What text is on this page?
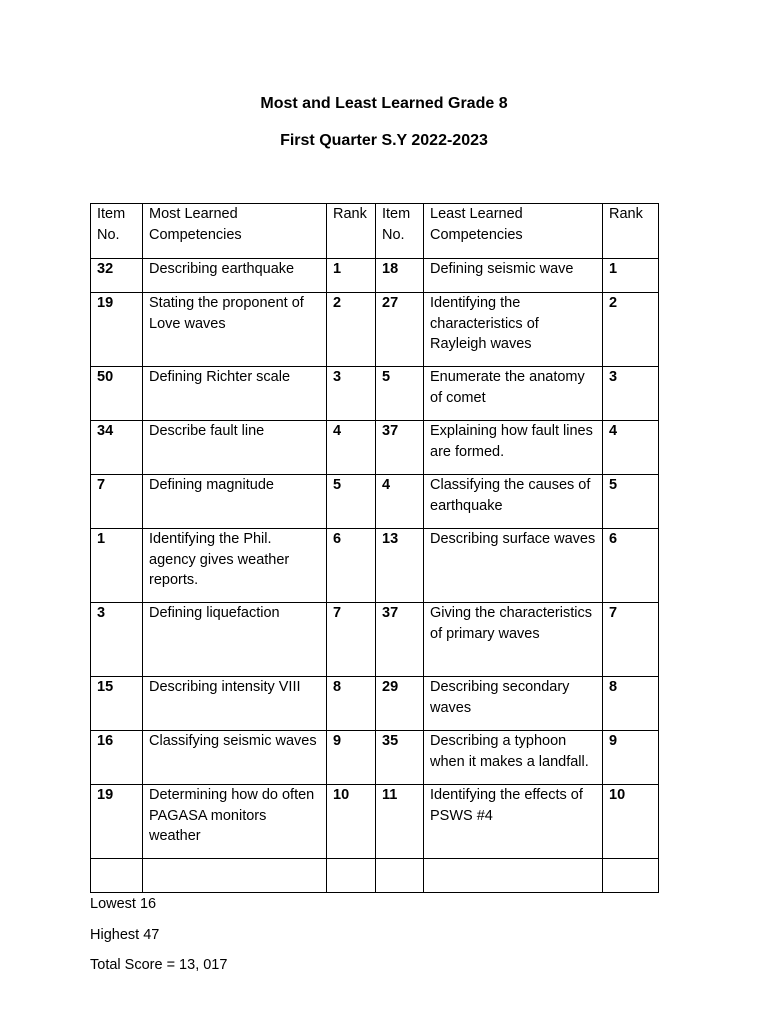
Most and Least Learned Grade 8
First Quarter S.Y 2022-2023
Item No.	Most Learned Competencies	Rank	Item No.	Least Learned Competencies	Rank
32	Describing earthquake	1	18	Defining seismic wave	1
19	Stating the proponent of Love waves	2	27	Identifying the characteristics of Rayleigh waves	2
50	Defining Richter scale	3	5	Enumerate the anatomy of comet	3
34	Describe fault line	4	37	Explaining how fault lines are formed.	4
7	Defining magnitude	5	4	Classifying the causes of earthquake	5
1	Identifying the Phil. agency gives weather reports.	6	13	Describing surface waves	6
3	Defining liquefaction	7	37	Giving the characteristics of primary waves	7
15	Describing intensity VIII	8	29	Describing secondary waves	8
16	Classifying seismic waves	9	35	Describing a typhoon when it makes a landfall.	9
19	Determining how do often PAGASA monitors weather	10	11	Identifying the effects of PSWS #4	10

Lowest 16
Highest 47
Total Score = 13, 017
